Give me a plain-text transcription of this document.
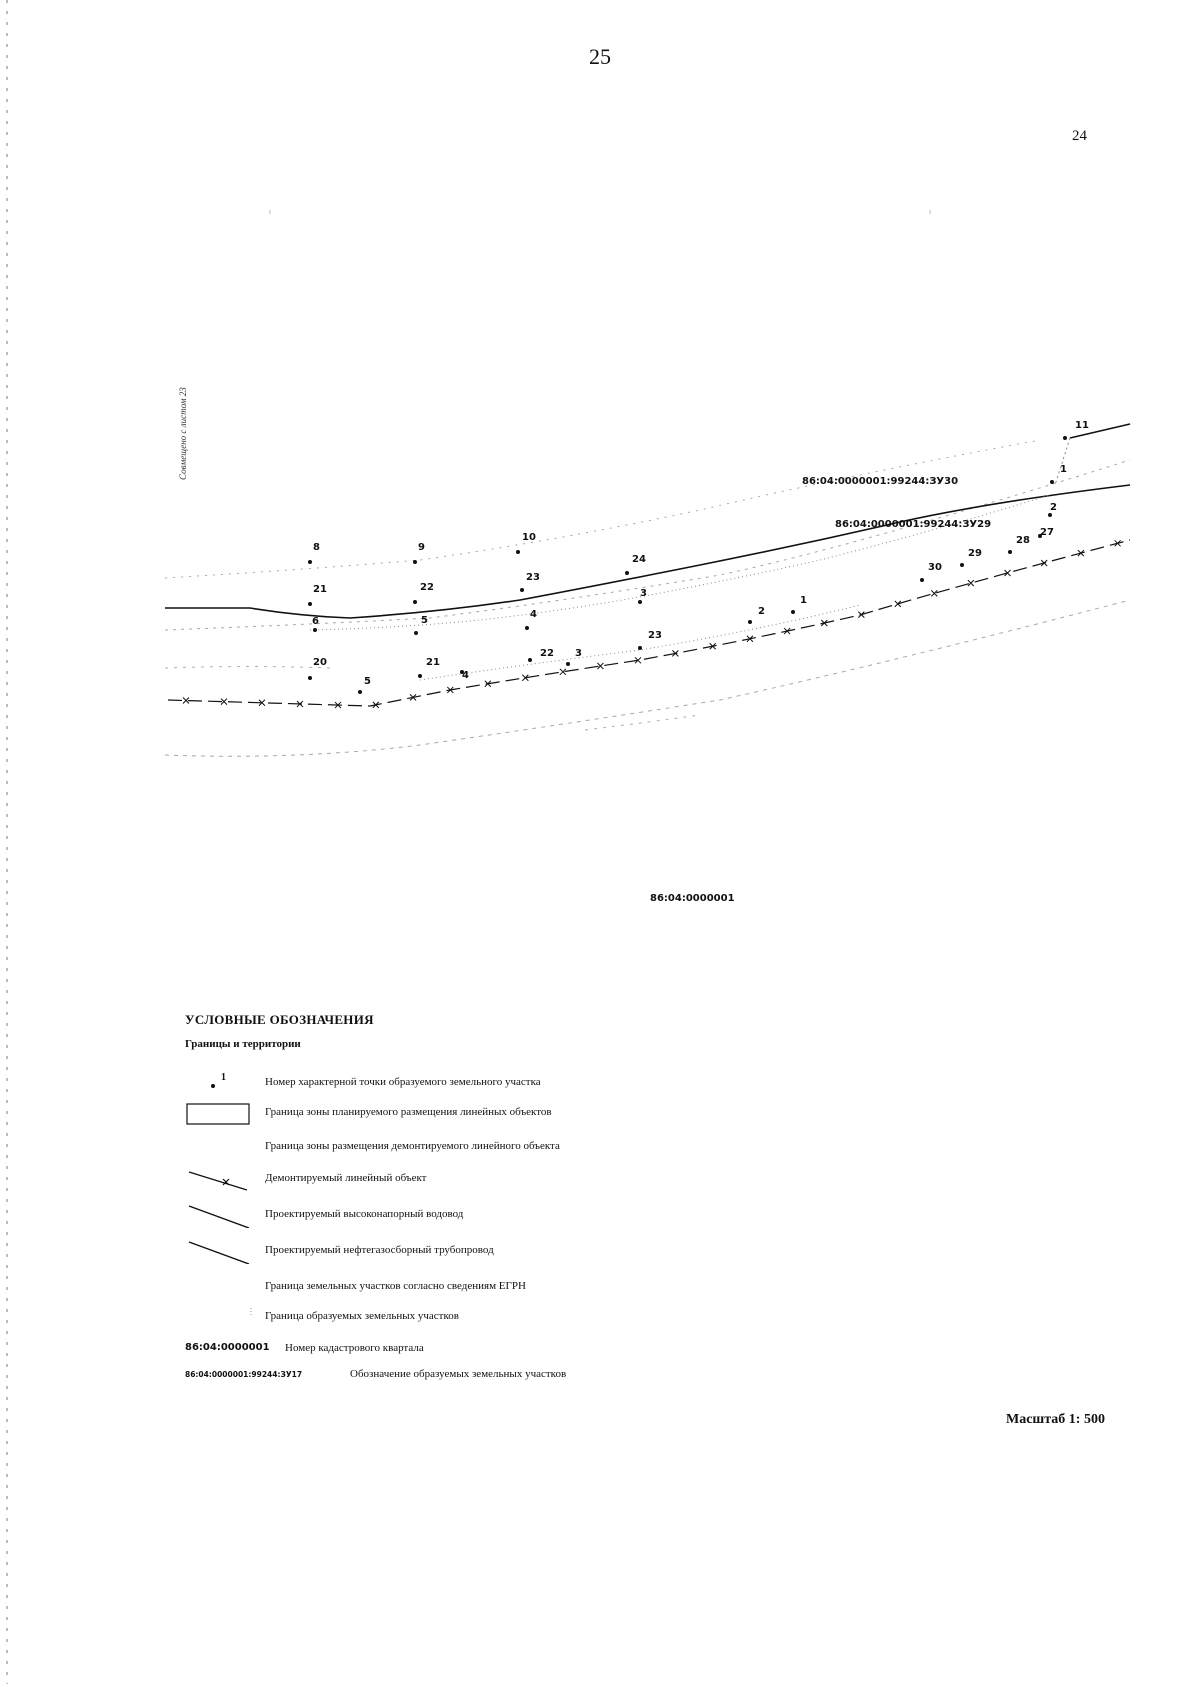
25
24
Совмещено с листом 23
8	9
10
24
21	22
23
6	5
4
3
20	21
5
4
22 3
23
2
1
30
29
28
27
2
1
11
86:04:0000001:99244:ЗУ30
86:04:0000001:99244:ЗУ29
86:04:0000001
УСЛОВНЫЕ ОБОЗНАЧЕНИЯ
Границы и территории
1	Номер характерной точки образуемого земельного участка
Граница зоны планируемого размещения линейных объектов
Граница зоны размещения демонтируемого линейного объекта
Демонтируемый линейный объект
Проектируемый высоконапорный водовод
Проектируемый нефтегазосборный трубопровод
Граница земельных участков согласно сведениям ЕГРН
Граница образуемых земельных участков
86:04:0000001 Номер кадастрового квартала
86:04:0000001:99244:ЗУ17	Обозначение образуемых земельных участков
Масштаб 1: 500
